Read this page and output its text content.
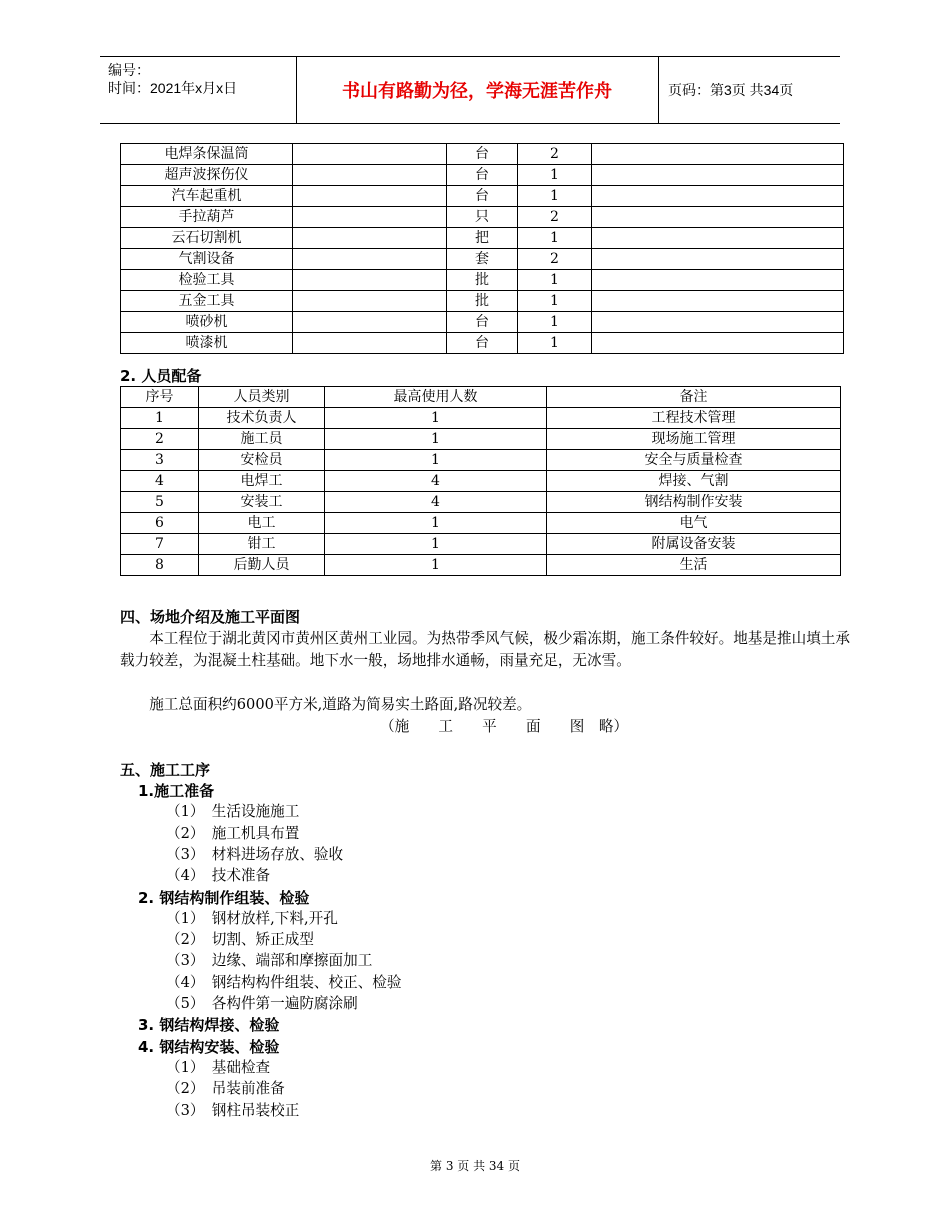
编号：
时间：2021年x月x日	书山有路勤为径，学海无涯苦作舟	页码：第3页 共34页
电焊条保温筒		台	2	
超声波探伤仪		台	1	
汽车起重机		台	1	
手拉葫芦		只	2	
云石切割机		把	1	
气割设备		套	2	
检验工具		批	1	
五金工具		批	1	
喷砂机		台	1	
喷漆机		台	1	
2. 人员配备
序号	人员类别	最高使用人数	备注
1	技术负责人	1	工程技术管理
2	施工员	1	现场施工管理
3	安检员	1	安全与质量检查
4	电焊工	4	焊接、气割
5	安装工	4	钢结构制作安装
6	电工	1	电气
7	钳工	1	附属设备安装
8	后勤人员	1	生活
四、场地介绍及施工平面图
本工程位于湖北黄冈市黄州区黄州工业园。为热带季风气候，极少霜冻期，施工条件较好。地基是推山填土承载力较差，为混凝土柱基础。地下水一般，场地排水通畅，雨量充足，无冰雪。
施工总面积约6000平方米,道路为简易实土路面,路况较差。
（施　　工　　平　　面　　图　略）
五、施工工序
1.施工准备
（1）　生活设施施工
（2）　施工机具布置
（3）　材料进场存放、验收
（4）　技术准备
2. 钢结构制作组装、检验
（1）　钢材放样,下料,开孔
（2）　切割、矫正成型
（3）　边缘、端部和摩擦面加工
（4）　钢结构构件组装、校正、检验
（5）　各构件第一遍防腐涂刷
3. 钢结构焊接、检验
4. 钢结构安装、检验
（1）　基础检查
（2）　吊装前准备
（3）　钢柱吊装校正
第 3 页 共 34 页
